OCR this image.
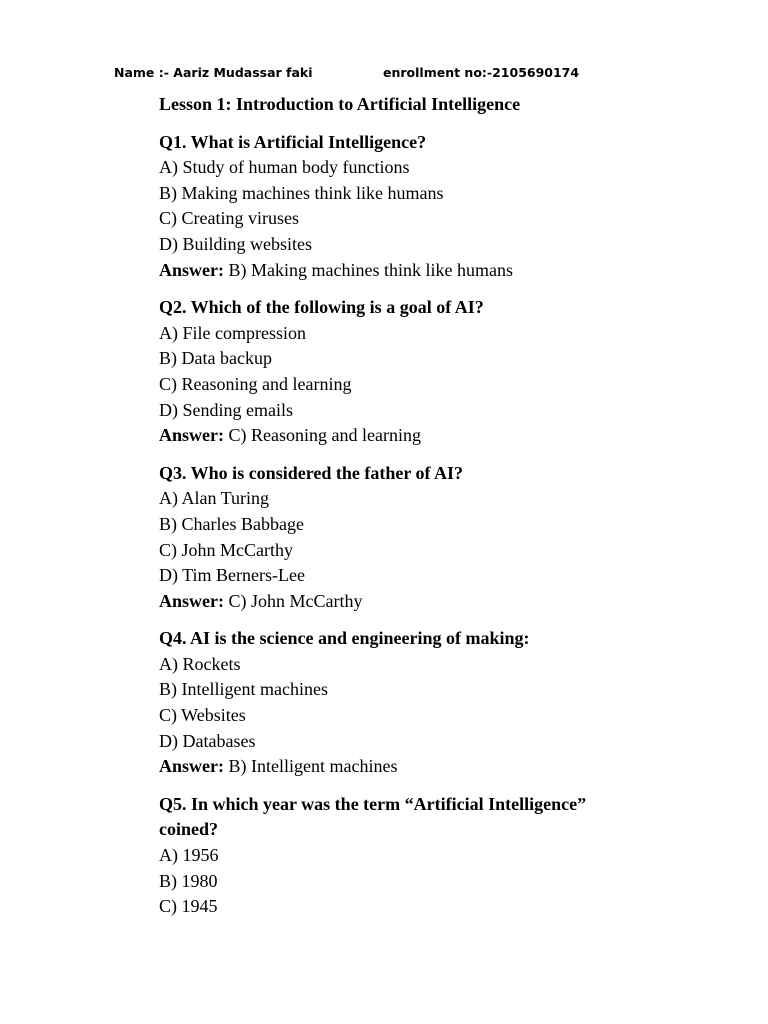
Name :- Aariz Mudassar faki	enrollment no:-2105690174
Lesson 1: Introduction to Artificial Intelligence
Q1. What is Artificial Intelligence?
A) Study of human body functions
B) Making machines think like humans
C) Creating viruses
D) Building websites
Answer: B) Making machines think like humans
Q2. Which of the following is a goal of AI?
A) File compression
B) Data backup
C) Reasoning and learning
D) Sending emails
Answer: C) Reasoning and learning
Q3. Who is considered the father of AI?
A) Alan Turing
B) Charles Babbage
C) John McCarthy
D) Tim Berners-Lee
Answer: C) John McCarthy
Q4. AI is the science and engineering of making:
A) Rockets
B) Intelligent machines
C) Websites
D) Databases
Answer: B) Intelligent machines
Q5. In which year was the term “Artificial Intelligence” coined?
A) 1956
B) 1980
C) 1945
